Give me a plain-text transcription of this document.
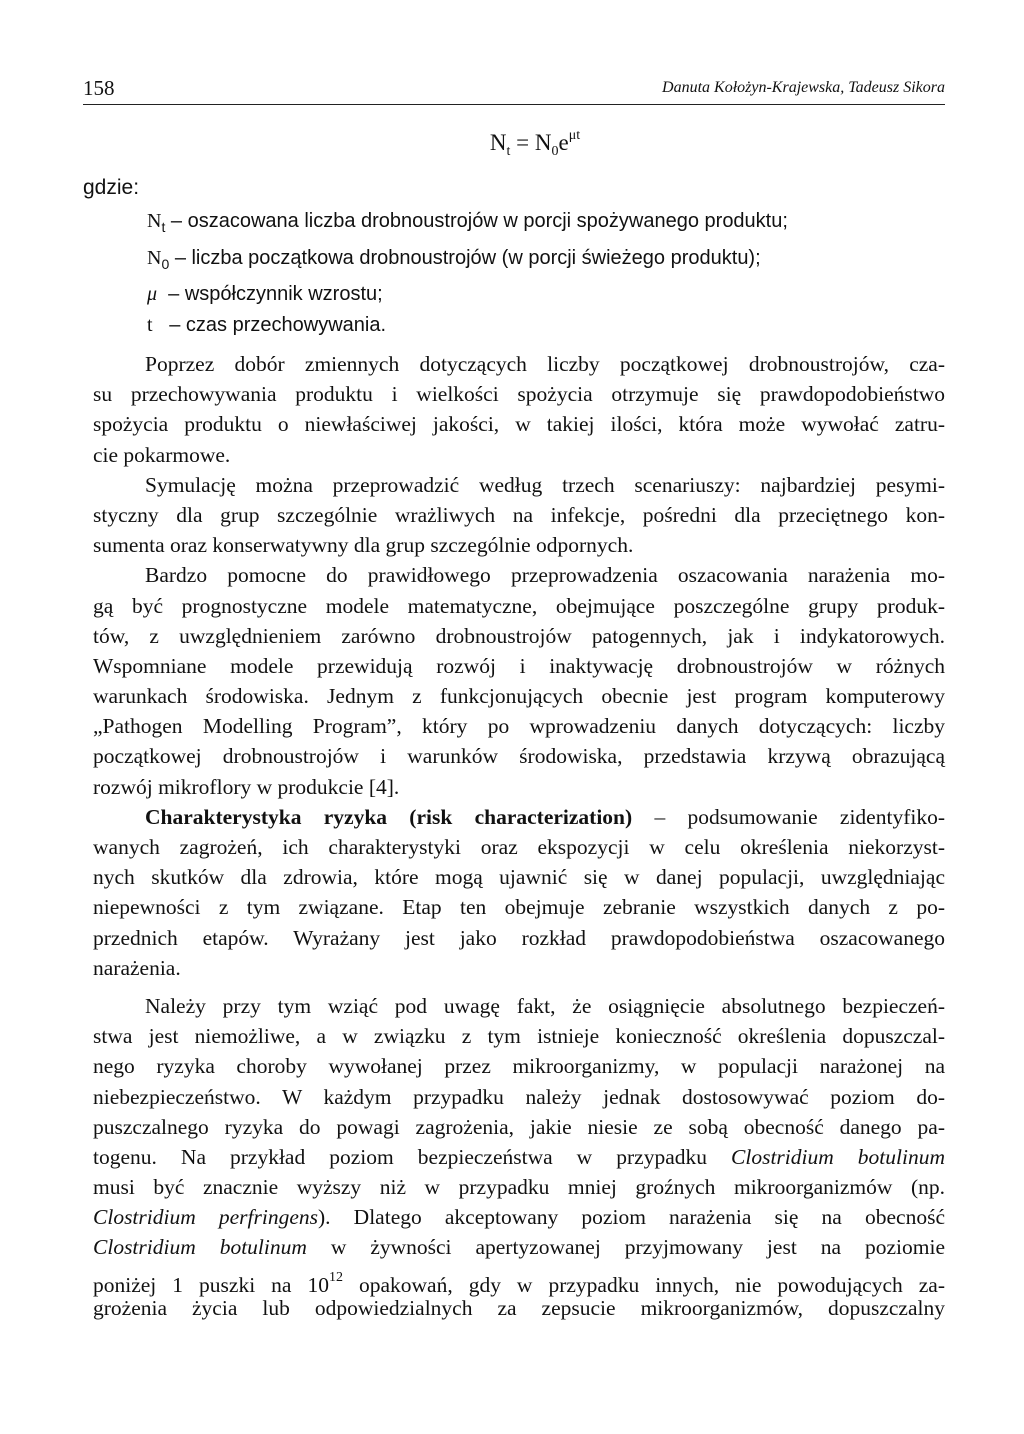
158	Danuta Kołożyn-Krajewska, Tadeusz Sikora
$N_t = N_0e^{\mu t}$
gdzie:
$N_t$ – oszacowana liczba drobnoustrojów w porcji spożywanego produktu;
$N_0$ – liczba początkowa drobnoustrojów (w porcji świeżego produktu);
μ – współczynnik wzrostu;
t – czas przechowywania.
Poprzez dobór zmiennych dotyczących liczby początkowej drobnoustrojów, cza-
su przechowywania produktu i wielkości spożycia otrzymuje się prawdopodobieństwo
spożycia produktu o niewłaściwej jakości, w takiej ilości, która może wywołać zatru-
cie pokarmowe.
Symulację można przeprowadzić według trzech scenariuszy: najbardziej pesymi-
styczny dla grup szczególnie wrażliwych na infekcje, pośredni dla przeciętnego kon-
sumenta oraz konserwatywny dla grup szczególnie odpornych.
Bardzo pomocne do prawidłowego przeprowadzenia oszacowania narażenia mo-
gą być prognostyczne modele matematyczne, obejmujące poszczególne grupy produk-
tów, z uwzględnieniem zarówno drobnoustrojów patogennych, jak i indykatorowych.
Wspomniane modele przewidują rozwój i inaktywację drobnoustrojów w różnych
warunkach środowiska. Jednym z funkcjonujących obecnie jest program komputerowy
„Pathogen Modelling Program”, który po wprowadzeniu danych dotyczących: liczby
początkowej drobnoustrojów i warunków środowiska, przedstawia krzywą obrazującą
rozwój mikroflory w produkcie [4].
Charakterystyka ryzyka (risk characterization) – podsumowanie zidentyfiko-
wanych zagrożeń, ich charakterystyki oraz ekspozycji w celu określenia niekorzyst-
nych skutków dla zdrowia, które mogą ujawnić się w danej populacji, uwzględniając
niepewności z tym związane. Etap ten obejmuje zebranie wszystkich danych z po-
przednich etapów. Wyrażany jest jako rozkład prawdopodobieństwa oszacowanego
narażenia.
Należy przy tym wziąć pod uwagę fakt, że osiągnięcie absolutnego bezpieczeń-
stwa jest niemożliwe, a w związku z tym istnieje konieczność określenia dopuszczal-
nego ryzyka choroby wywołanej przez mikroorganizmy, w populacji narażonej na
niebezpieczeństwo. W każdym przypadku należy jednak dostosowywać poziom do-
puszczalnego ryzyka do powagi zagrożenia, jakie niesie ze sobą obecność danego pa-
togenu. Na przykład poziom bezpieczeństwa w przypadku Clostridium botulinum
musi być znacznie wyższy niż w przypadku mniej groźnych mikroorganizmów (np.
Clostridium perfringens). Dlatego akceptowany poziom narażenia się na obecność
Clostridium botulinum w żywności apertyzowanej przyjmowany jest na poziomie
poniżej 1 puszki na $10^{12}$ opakowań, gdy w przypadku innych, nie powodujących za-
grożenia życia lub odpowiedzialnych za zepsucie mikroorganizmów, dopuszczalny
